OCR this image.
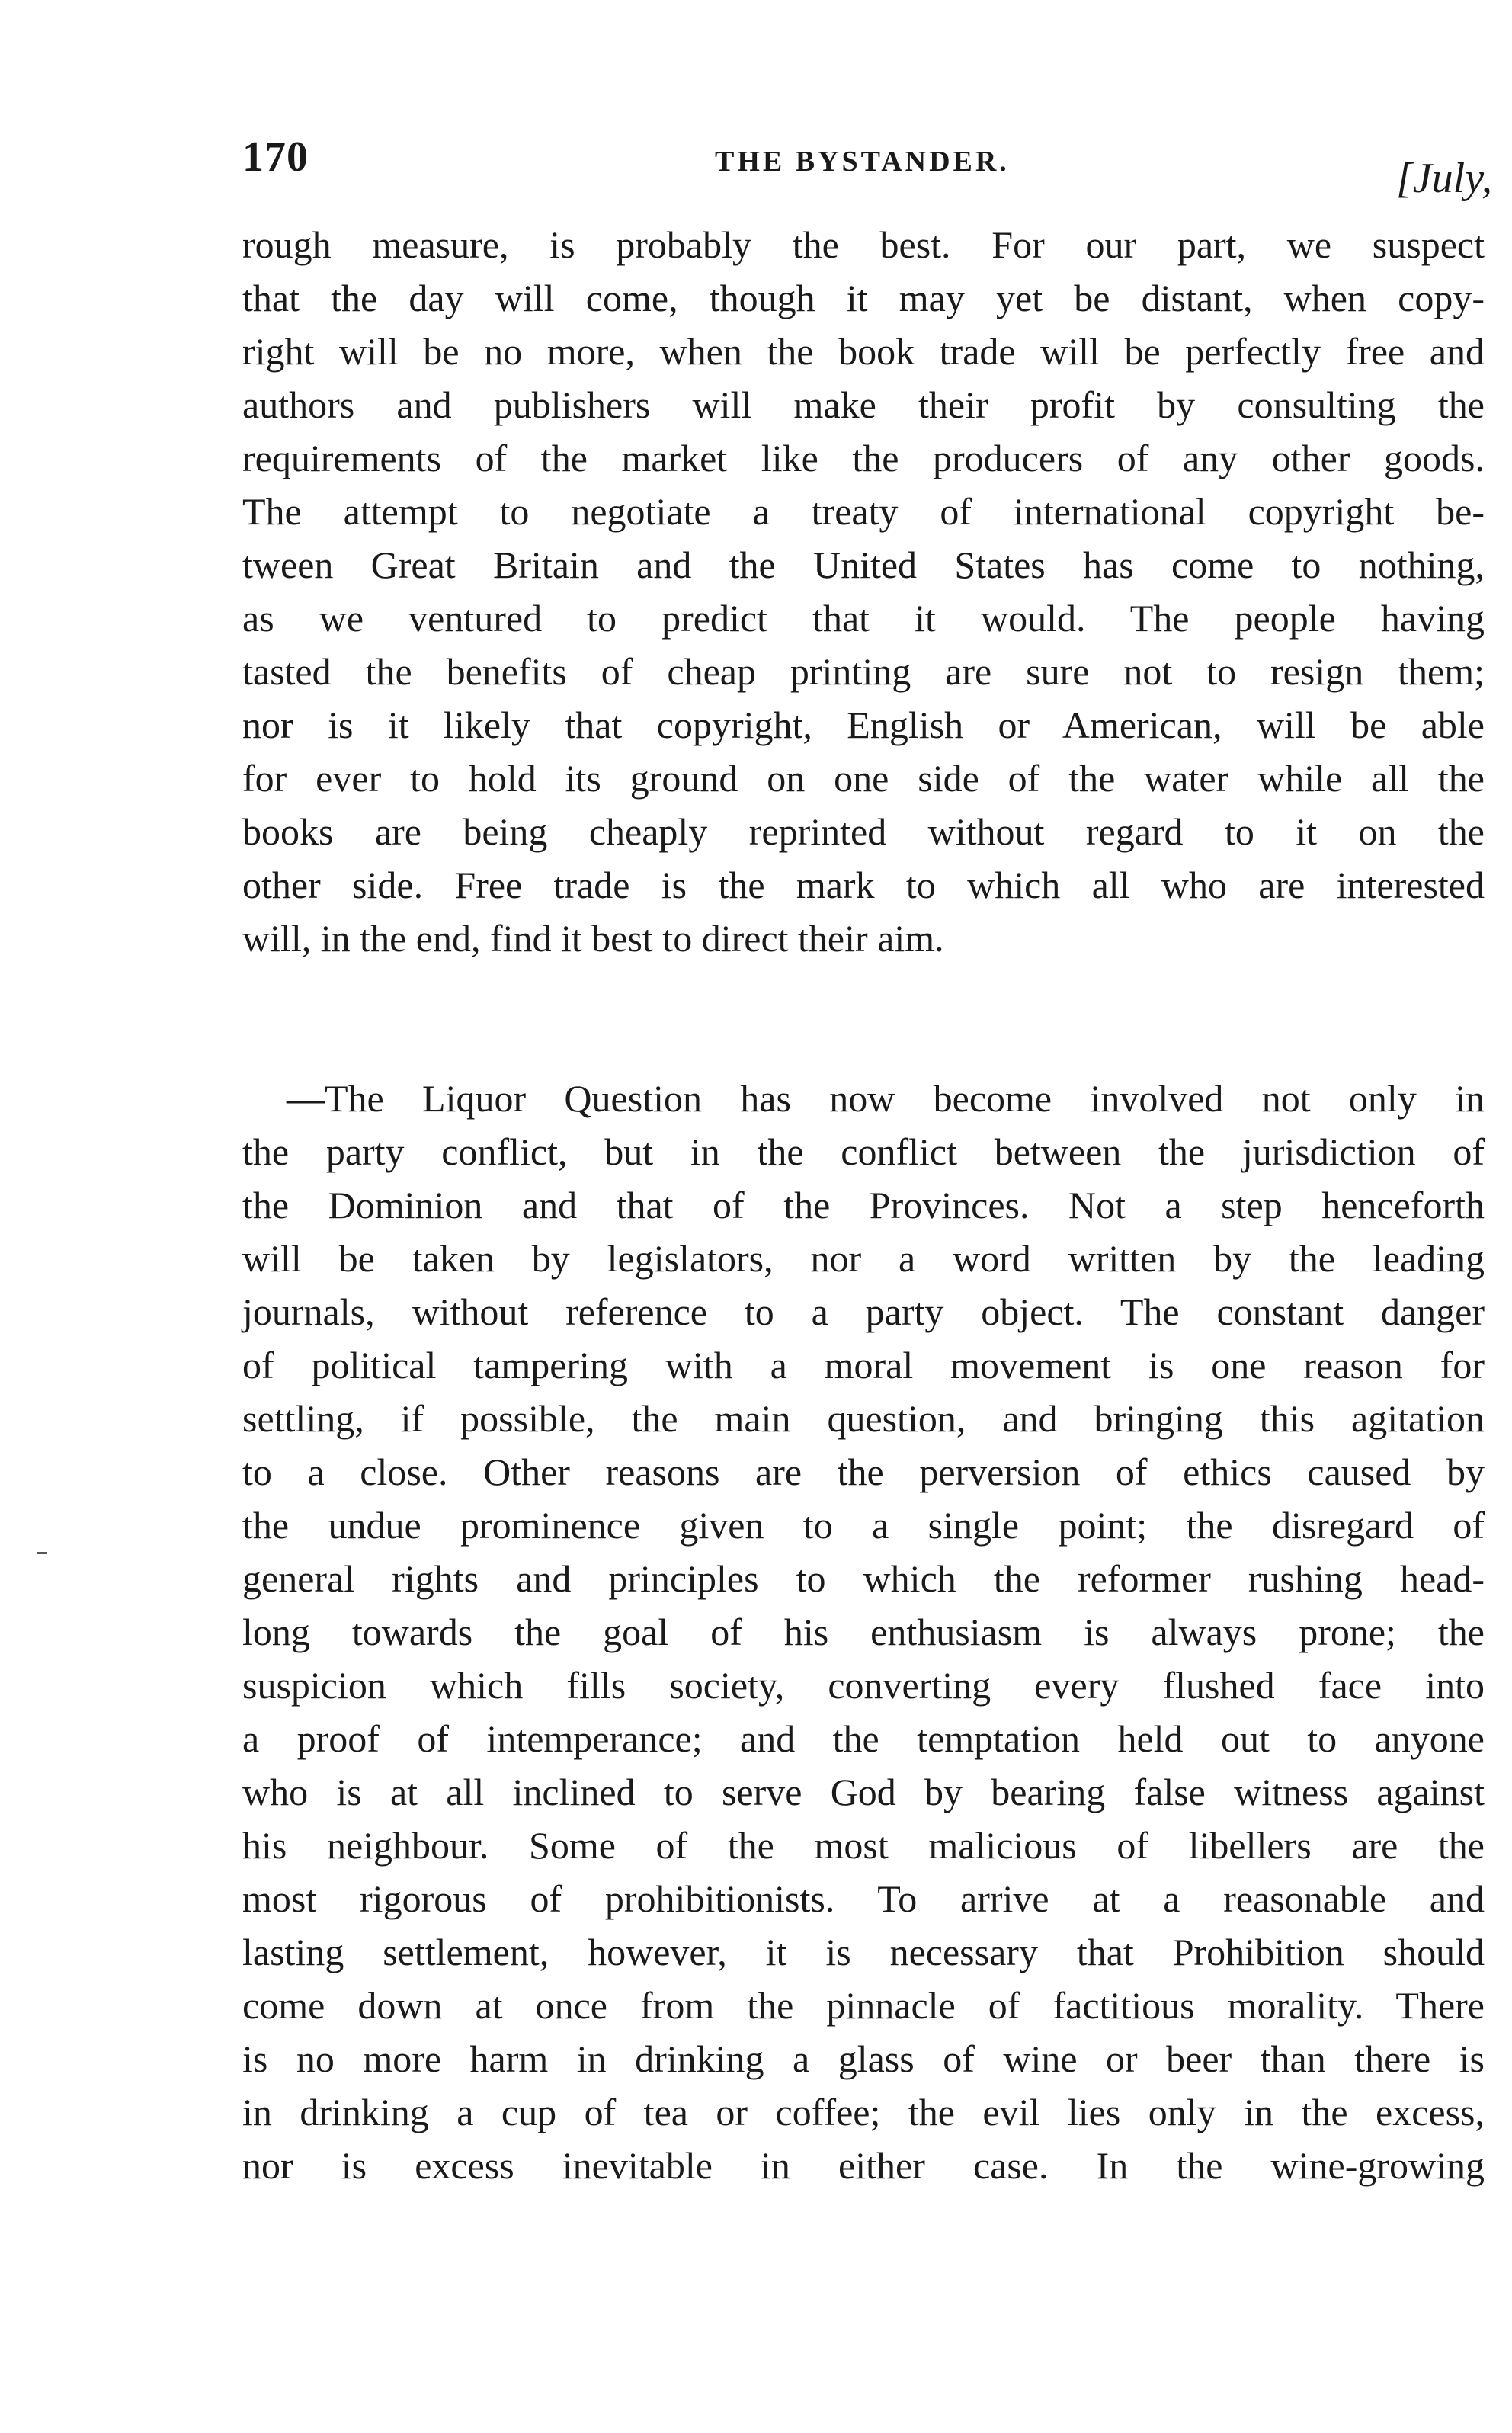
170	THE BYSTANDER.	[July,
rough measure, is probably the best. For our part, we suspect
that the day will come, though it may yet be distant, when copy-
right will be no more, when the book trade will be perfectly free and
authors and publishers will make their profit by consulting the
requirements of the market like the producers of any other goods.
The attempt to negotiate a treaty of international copyright be-
tween Great Britain and the United States has come to nothing,
as we ventured to predict that it would. The people having
tasted the benefits of cheap printing are sure not to resign them;
nor is it likely that copyright, English or American, will be able
for ever to hold its ground on one side of the water while all the
books are being cheaply reprinted without regard to it on the
other side. Free trade is the mark to which all who are interested
will, in the end, find it best to direct their aim.
—The Liquor Question has now become involved not only in
the party conflict, but in the conflict between the jurisdiction of
the Dominion and that of the Provinces. Not a step henceforth
will be taken by legislators, nor a word written by the leading
journals, without reference to a party object. The constant danger
of political tampering with a moral movement is one reason for
settling, if possible, the main question, and bringing this agitation
to a close. Other reasons are the perversion of ethics caused by
the undue prominence given to a single point; the disregard of
general rights and principles to which the reformer rushing head-
long towards the goal of his enthusiasm is always prone; the
suspicion which fills society, converting every flushed face into
a proof of intemperance; and the temptation held out to anyone
who is at all inclined to serve God by bearing false witness against
his neighbour. Some of the most malicious of libellers are the
most rigorous of prohibitionists. To arrive at a reasonable and
lasting settlement, however, it is necessary that Prohibition should
come down at once from the pinnacle of factitious morality. There
is no more harm in drinking a glass of wine or beer than there is
in drinking a cup of tea or coffee; the evil lies only in the excess,
nor is excess inevitable in either case. In the wine-growing
